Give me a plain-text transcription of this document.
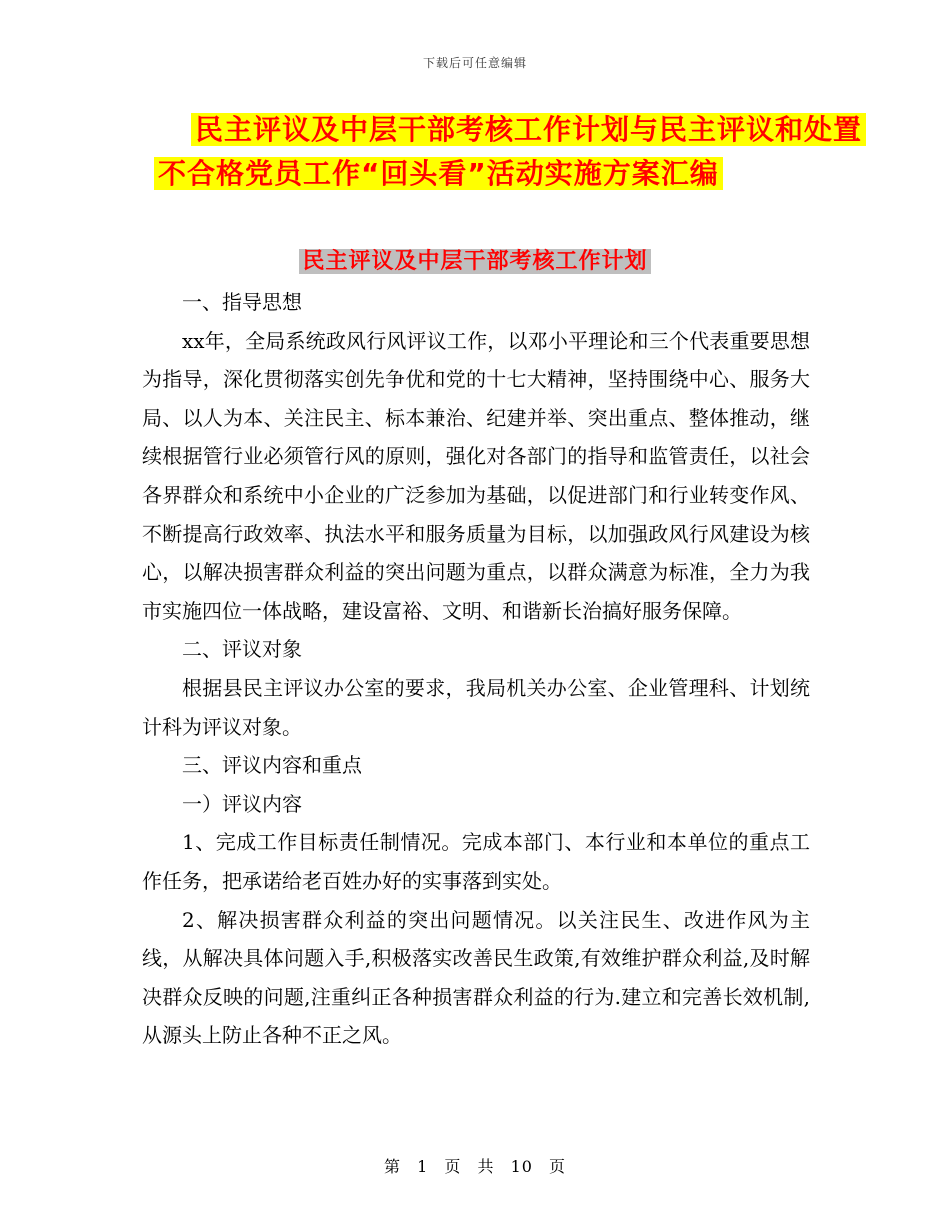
下载后可任意编辑
民主评议及中层干部考核工作计划与民主评议和处置
不合格党员工作“回头看”活动实施方案汇编
民主评议及中层干部考核工作计划

一、指导思想

xx年，全局系统政风行风评议工作，以邓小平理论和三个代表重要思想为指导，深化贯彻落实创先争优和党的十七大精神，坚持围绕中心、服务大局、以人为本、关注民主、标本兼治、纪建并举、突出重点、整体推动，继续根据管行业必须管行风的原则，强化对各部门的指导和监管责任，以社会各界群众和系统中小企业的广泛参加为基础，以促进部门和行业转变作风、不断提高行政效率、执法水平和服务质量为目标，以加强政风行风建设为核心，以解决损害群众利益的突出问题为重点，以群众满意为标准，全力为我市实施四位一体战略，建设富裕、文明、和谐新长治搞好服务保障。

二、评议对象

根据县民主评议办公室的要求，我局机关办公室、企业管理科、计划统计科为评议对象。

三、评议内容和重点

一）评议内容

1、完成工作目标责任制情况。完成本部门、本行业和本单位的重点工作任务，把承诺给老百姓办好的实事落到实处。

2、解决损害群众利益的突出问题情况。以关注民生、改进作风为主线，从解决具体问题入手,积极落实改善民生政策,有效维护群众利益,及时解决群众反映的问题,注重纠正各种损害群众利益的行为.建立和完善长效机制,从源头上防止各种不正之风。

第 1 页 共 10 页
